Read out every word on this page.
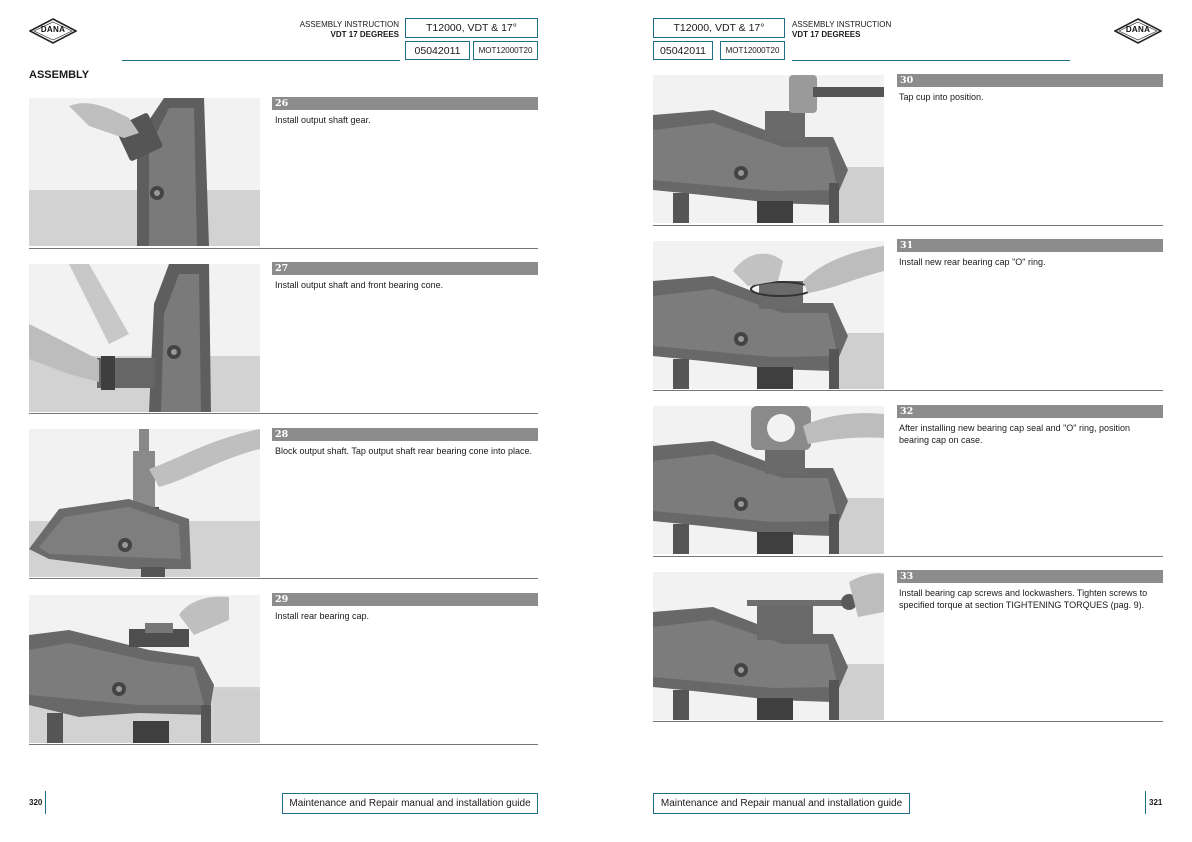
DANA
ASSEMBLY INSTRUCTION
VDT 17 DEGREES
T12000, VDT & 17°
05042011	MOT12000T20
ASSEMBLY
26
Install output shaft gear.
27
Install output shaft and front bearing cone.
28
Block output shaft. Tap output shaft rear bearing cone into place.
29
Install rear bearing cap.
320	Maintenance and Repair manual and installation guide
T12000, VDT & 17°
05042011	MOT12000T20
ASSEMBLY INSTRUCTION
VDT 17 DEGREES
DANA
30
Tap cup into position.
31
Install new rear bearing cap "O" ring.
32
After installing new bearing cap seal and "O" ring, position bearing cap on case.
33
Install bearing cap screws and lockwashers. Tighten screws to specified torque at section TIGHTENING TORQUES (pag. 9).
Maintenance and Repair manual and installation guide	321
